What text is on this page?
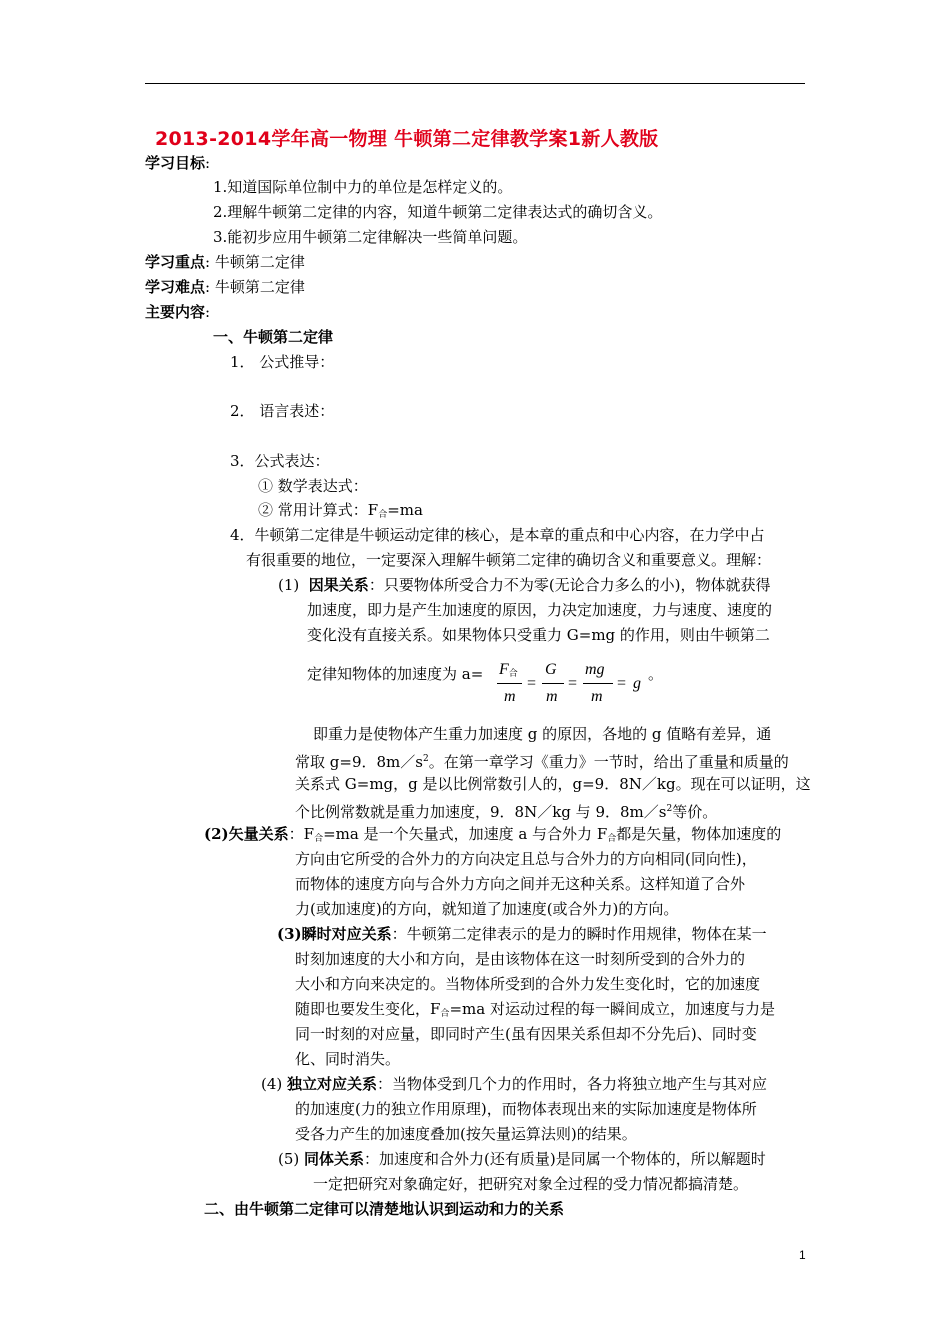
2013-2014学年高一物理 牛顿第二定律教学案1新人教版
学习目标:
1.知道国际单位制中力的单位是怎样定义的。
2.理解牛顿第二定律的内容，知道牛顿第二定律表达式的确切含义。
3.能初步应用牛顿第二定律解决一些简单问题。
学习重点: 牛顿第二定律
学习难点: 牛顿第二定律
主要内容:
一、牛顿第二定律
1． 公式推导：
2． 语言表述：
3．公式表达：
① 数学表达式：
② 常用计算式：$F_合=ma$
4．牛顿第二定律是牛顿运动定律的核心，是本章的重点和中心内容，在力学中占
有很重要的地位，一定要深入理解牛顿第二定律的确切含义和重要意义。理解：
(1) 因果关系：只要物体所受合力不为零(无论合力多么的小)，物体就获得
加速度，即力是产生加速度的原因，力决定加速度，力与速度、速度的
变化没有直接关系。如果物体只受重力 G=mg 的作用，则由牛顿第二
定律知物体的加速度为 $a= F_合$
m
=
G
m
=
mg
m
= g
。
即重力是使物体产生重力加速度 g 的原因，各地的 g 值略有差异，通
常取 g=9．$8m/s^2$。在第一章学习《重力》一节时，给出了重量和质量的
关系式 G=mg，g 是以比例常数引人的，g=9．8N／kg。现在可以证明，这
个比例常数就是重力加速度，9．8N／kg 与 9．$8m/s^2$等价。
(2)矢量关系：$F_合=ma$ 是一个矢量式，加速度 a 与合外力 $F_合$都是矢量，物体加速度的
方向由它所受的合外力的方向决定且总与合外力的方向相同(同向性)，
而物体的速度方向与合外力方向之间并无这种关系。这样知道了合外
力(或加速度)的方向，就知道了加速度(或合外力)的方向。
(3)瞬时对应关系：牛顿第二定律表示的是力的瞬时作用规律，物体在某一
时刻加速度的大小和方向，是由该物体在这一时刻所受到的合外力的
大小和方向来决定的。当物体所受到的合外力发生变化时，它的加速度
随即也要发生变化，$F_合=ma$ 对运动过程的每一瞬间成立，加速度与力是
同一时刻的对应量，即同时产生(虽有因果关系但却不分先后)、同时变
化、同时消失。
(4) 独立对应关系：当物体受到几个力的作用时，各力将独立地产生与其对应
的加速度(力的独立作用原理)，而物体表现出来的实际加速度是物体所
受各力产生的加速度叠加(按矢量运算法则)的结果。
(5) 同体关系：加速度和合外力(还有质量)是同属一个物体的，所以解题时
一定把研究对象确定好，把研究对象全过程的受力情况都搞清楚。
二、由牛顿第二定律可以清楚地认识到运动和力的关系
1
